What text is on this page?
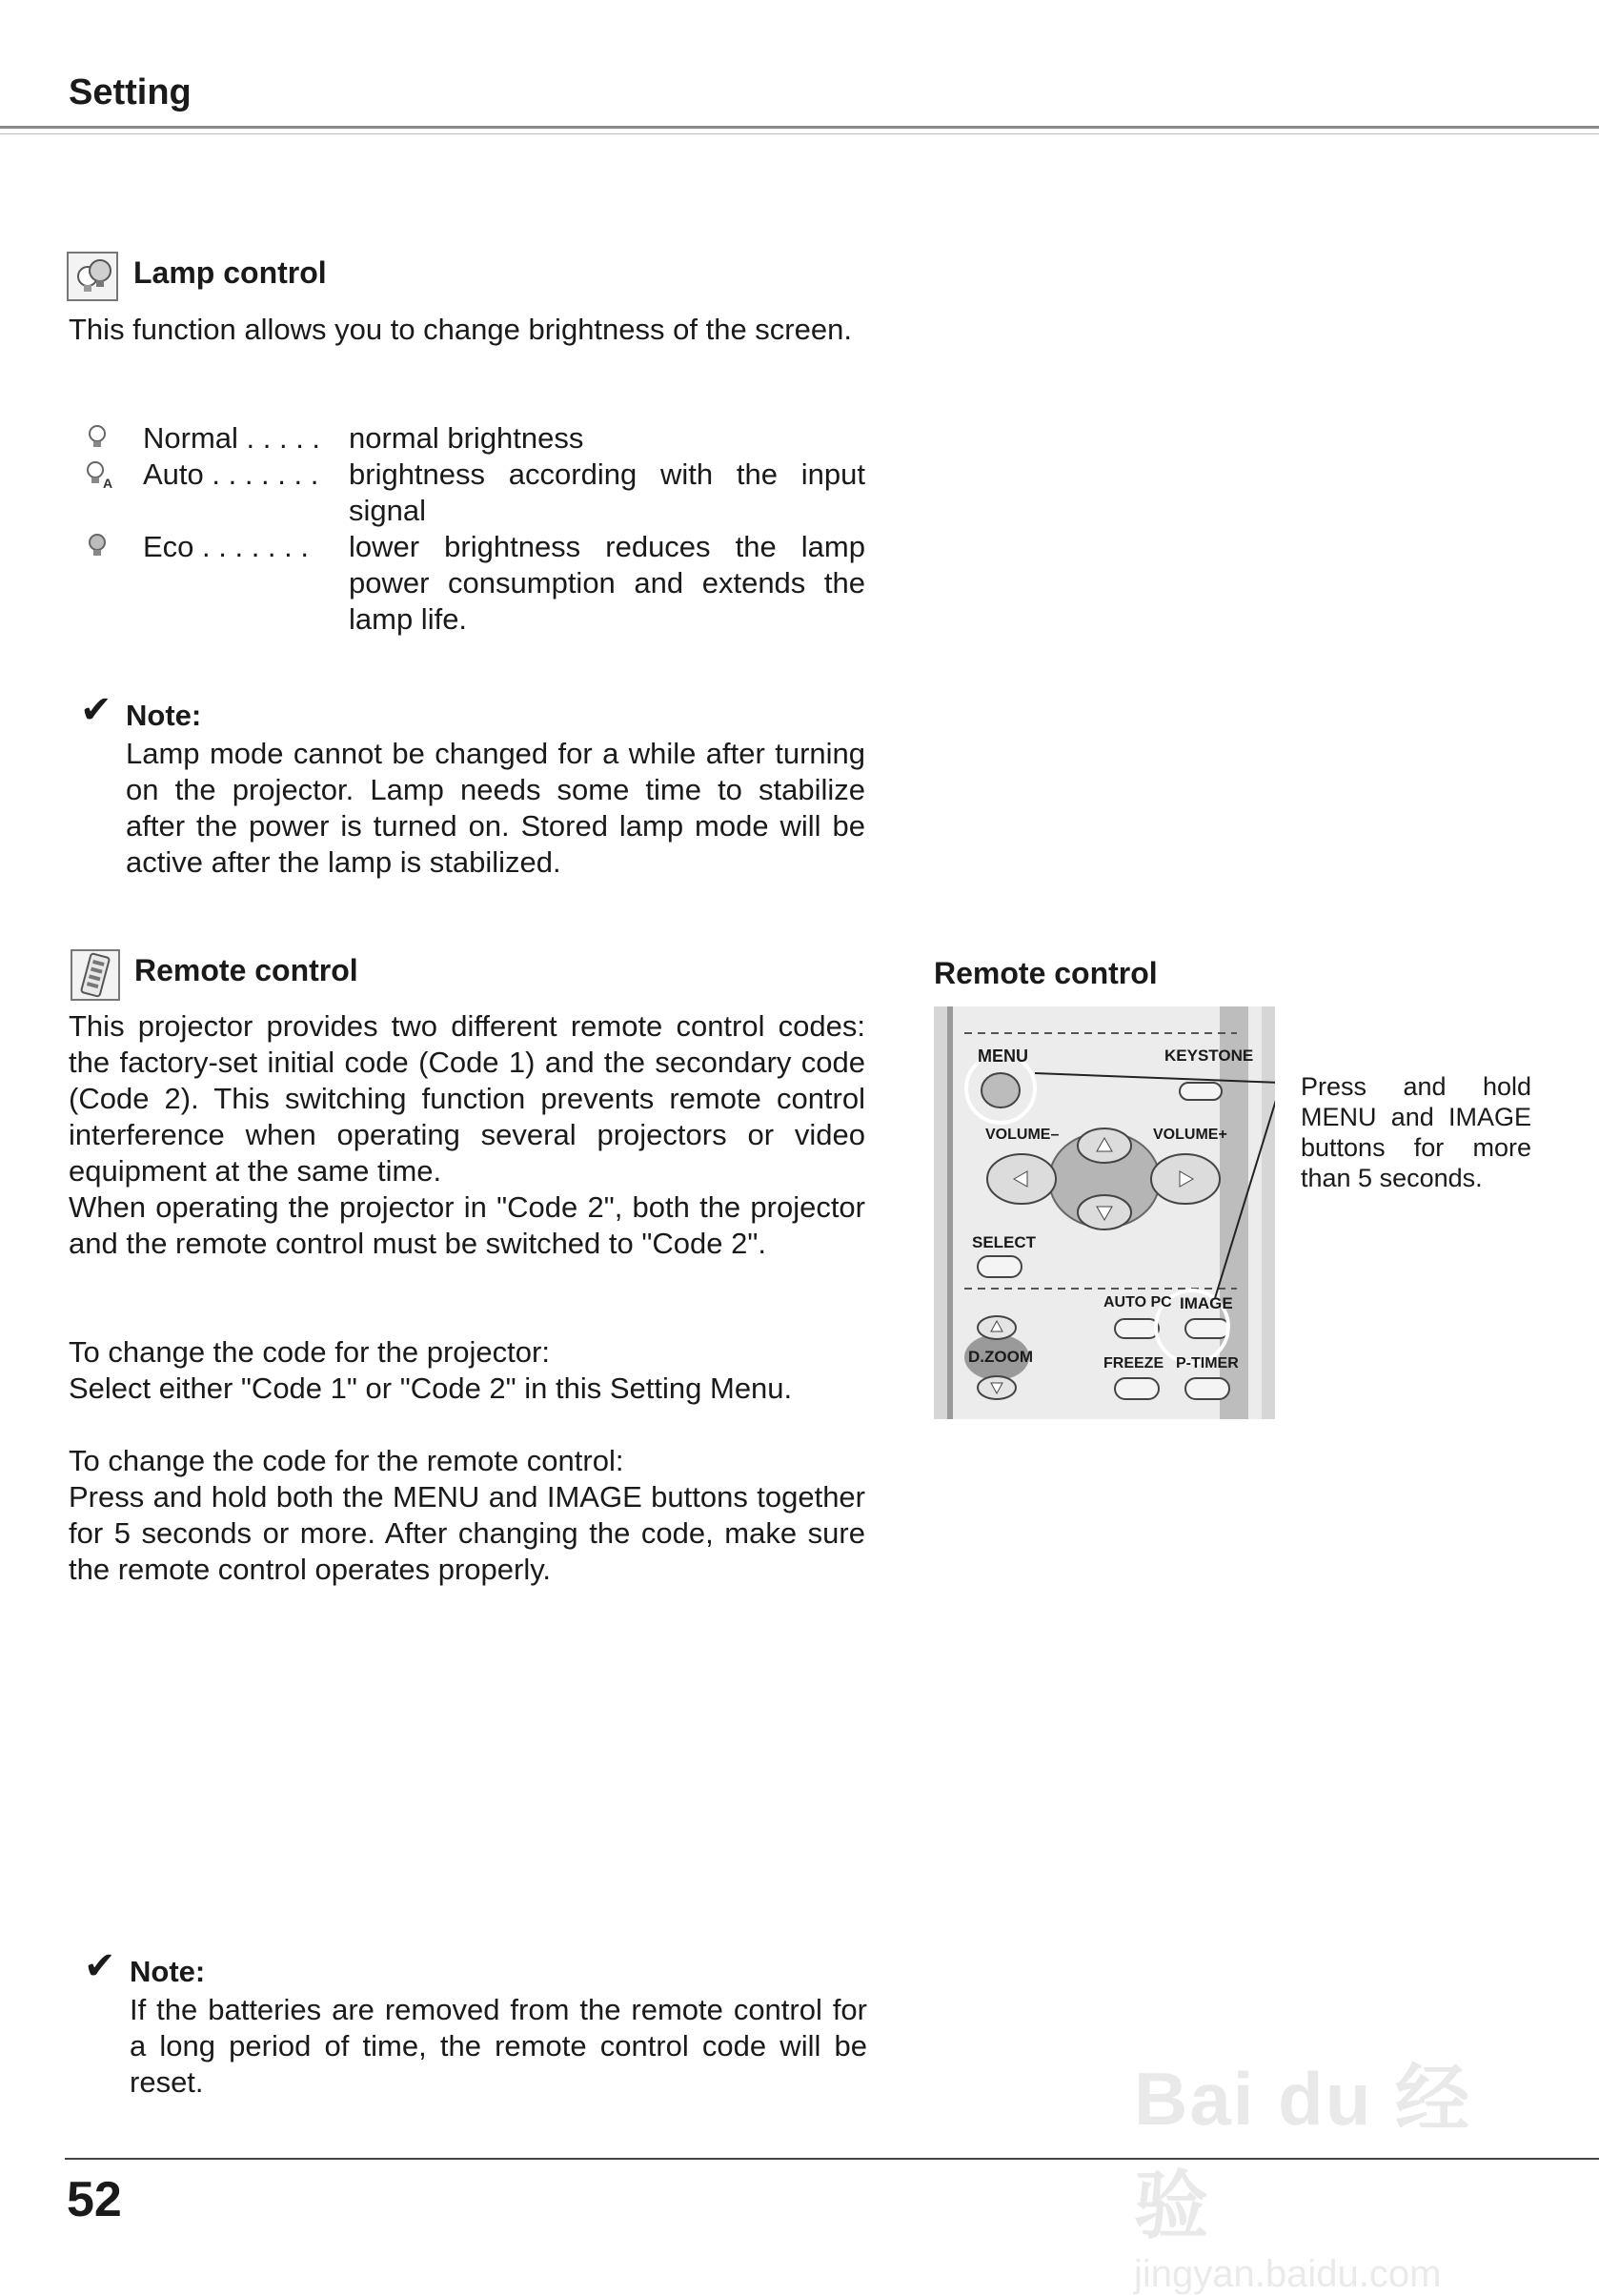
Setting
Lamp control
This function allows you to change brightness of the screen.
Normal . . . . . normal brightness
A Auto . . . . . . . brightness according with the input signal
Eco . . . . . . . lower brightness reduces the lamp power consumption and extends the lamp life.
✔ Note:
Lamp mode cannot be changed for a while after turning on the projector. Lamp needs some time to stabilize after the power is turned on. Stored lamp mode will be active after the lamp is stabilized.
Remote control
This projector provides two different remote control codes: the factory-set initial code (Code 1) and the secondary code (Code 2). This switching function prevents remote control interference when operating several projectors or video equipment at the same time.
When operating the projector in "Code 2", both the projector and the remote control must be switched to "Code 2".
To change the code for the projector:
Select either "Code 1" or "Code 2" in this Setting Menu.
To change the code for the remote control:
Press and hold both the MENU and IMAGE buttons together for 5 seconds or more. After changing the code, make sure the remote control operates properly.
Remote control
MENU	KEYSTONE
VOLUME–	VOLUME+
SELECT
AUTO PC IMAGE
D.ZOOM	FREEZE P-TIMER
Press and hold MENU and IMAGE buttons for more than 5 seconds.
✔ Note:
If the batteries are removed from the remote control for a long period of time, the remote control code will be reset.
52
Bai du 经验
jingyan.baidu.com
